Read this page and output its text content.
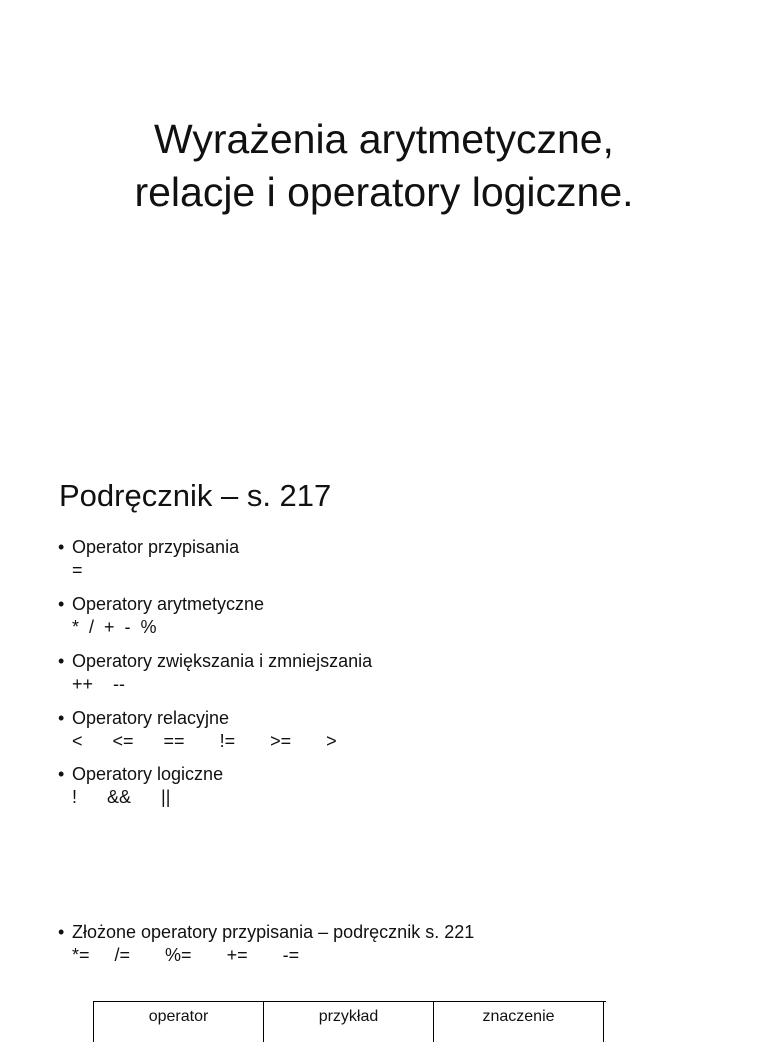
Wyrażenia arytmetyczne,
relacje i operatory logiczne.
Podręcznik – s. 217
• Operator przypisania
=
• Operatory arytmetyczne
*  /  +  -  %
• Operatory zwiększania i zmniejszania
++    --
• Operatory relacyjne
<      <=      ==       !=       >=       >
• Operatory logiczne
!      &&      ||
• Złożone operatory przypisania – podręcznik s. 221
*=     /=       %=       +=       -=
operator	przykład	znaczenie
